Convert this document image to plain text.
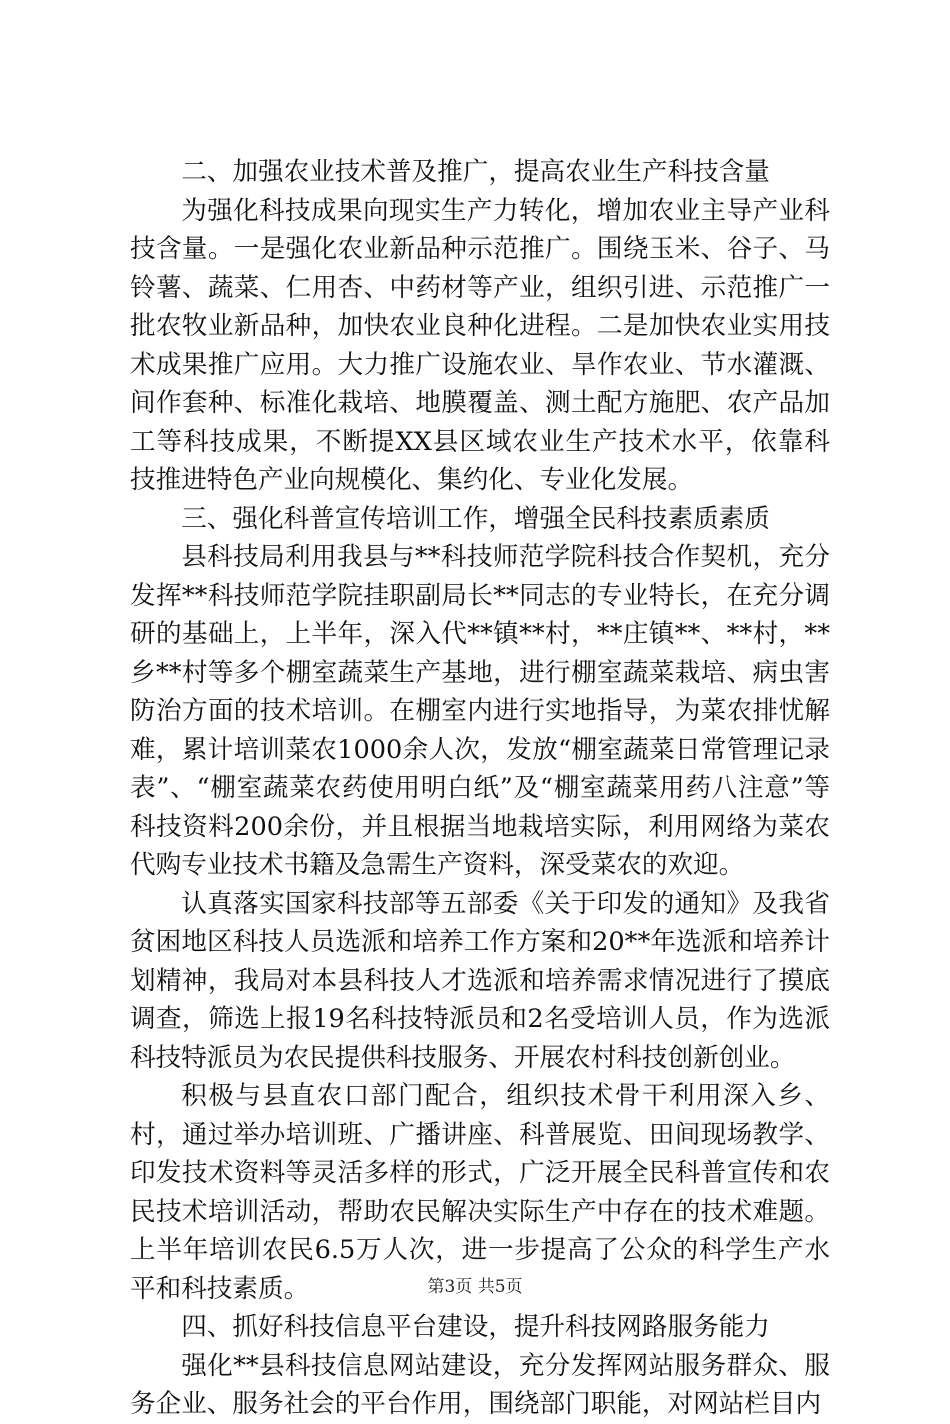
二、加强农业技术普及推广，提高农业生产科技含量

为强化科技成果向现实生产力转化，增加农业主导产业科技含量。一是强化农业新品种示范推广。围绕玉米、谷子、马铃薯、蔬菜、仁用杏、中药材等产业，组织引进、示范推广一批农牧业新品种，加快农业良种化进程。二是加快农业实用技术成果推广应用。大力推广设施农业、旱作农业、节水灌溉、间作套种、标准化栽培、地膜覆盖、测土配方施肥、农产品加工等科技成果，不断提XX县区域农业生产技术水平，依靠科技推进特色产业向规模化、集约化、专业化发展。

三、强化科普宣传培训工作，增强全民科技素质素质

县科技局利用我县与**科技师范学院科技合作契机，充分发挥**科技师范学院挂职副局长**同志的专业特长，在充分调研的基础上，上半年，深入代**镇**村，**庄镇**、**村，**乡**村等多个棚室蔬菜生产基地，进行棚室蔬菜栽培、病虫害防治方面的技术培训。在棚室内进行实地指导，为菜农排忧解难，累计培训菜农1000余人次，发放“棚室蔬菜日常管理记录表”、“棚室蔬菜农药使用明白纸”及“棚室蔬菜用药八注意”等科技资料200余份，并且根据当地栽培实际，利用网络为菜农代购专业技术书籍及急需生产资料，深受菜农的欢迎。

认真落实国家科技部等五部委《关于印发的通知》及我省贫困地区科技人员选派和培养工作方案和20**年选派和培养计划精神，我局对本县科技人才选派和培养需求情况进行了摸底调查，筛选上报19名科技特派员和2名受培训人员，作为选派科技特派员为农民提供科技服务、开展农村科技创新创业。

积极与县直农口部门配合，组织技术骨干利用深入乡、村，通过举办培训班、广播讲座、科普展览、田间现场教学、印发技术资料等灵活多样的形式，广泛开展全民科普宣传和农民技术培训活动，帮助农民解决实际生产中存在的技术难题。上半年培训农民6.5万人次，进一步提高了公众的科学生产水平和科技素质。

四、抓好科技信息平台建设，提升科技网路服务能力

强化**县科技信息网站建设，充分发挥网站服务群众、服务企业、服务社会的平台作用，围绕部门职能，对网站栏目内

第3页 共5页
